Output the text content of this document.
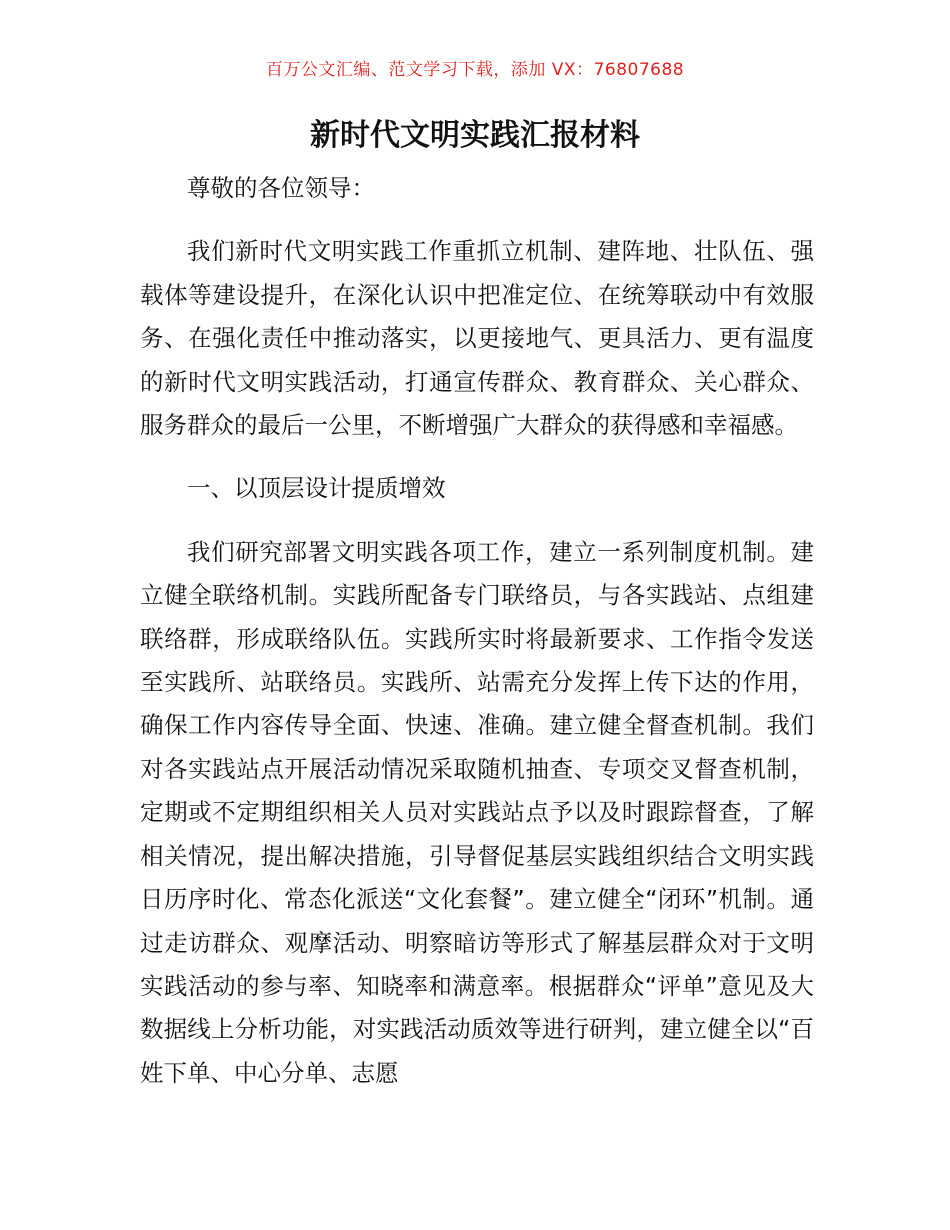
百万公文汇编、范文学习下载，添加 VX：76807688
新时代文明实践汇报材料

尊敬的各位领导：

我们新时代文明实践工作重抓立机制、建阵地、壮队伍、强载体等建设提升，在深化认识中把准定位、在统筹联动中有效服务、在强化责任中推动落实，以更接地气、更具活力、更有温度的新时代文明实践活动，打通宣传群众、教育群众、关心群众、服务群众的最后一公里，不断增强广大群众的获得感和幸福感。

一、以顶层设计提质增效

我们研究部署文明实践各项工作，建立一系列制度机制。建立健全联络机制。实践所配备专门联络员，与各实践站、点组建联络群，形成联络队伍。实践所实时将最新要求、工作指令发送至实践所、站联络员。实践所、站需充分发挥上传下达的作用，确保工作内容传导全面、快速、准确。建立健全督查机制。我们对各实践站点开展活动情况采取随机抽查、专项交叉督查机制，定期或不定期组织相关人员对实践站点予以及时跟踪督查，了解相关情况，提出解决措施，引导督促基层实践组织结合文明实践日历序时化、常态化派送“文化套餐”。建立健全“闭环”机制。通过走访群众、观摩活动、明察暗访等形式了解基层群众对于文明实践活动的参与率、知晓率和满意率。根据群众“评单”意见及大数据线上分析功能，对实践活动质效等进行研判，建立健全以“百姓下单、中心分单、志愿
